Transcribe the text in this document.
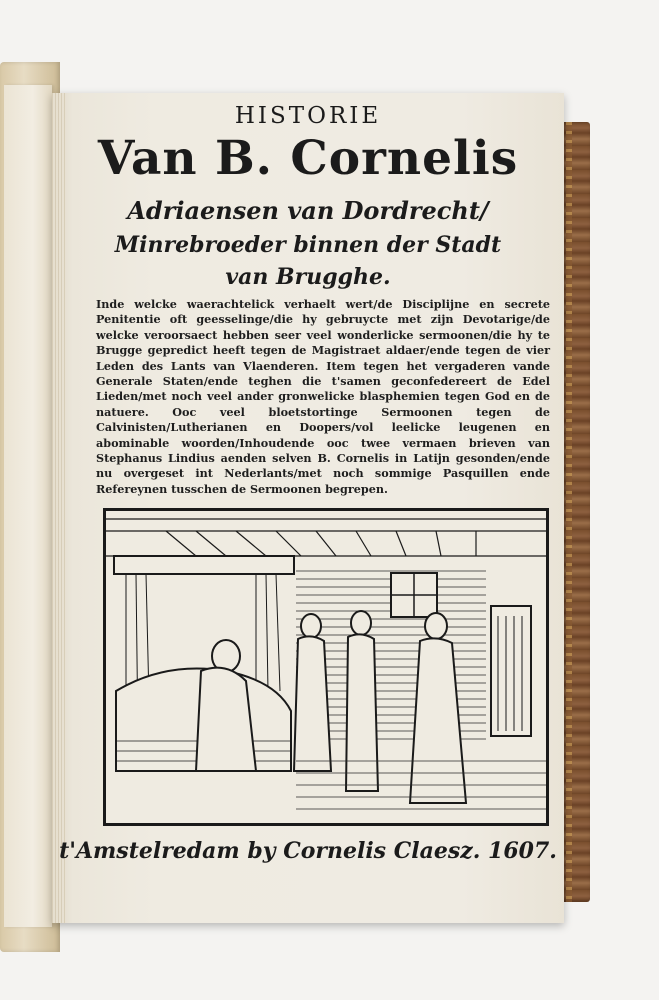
HISTORIE
Van B. Cornelis
Adriaensen van Dordrecht/
Minrebroeder binnen der Stadt
van Brugghe.
Inde welcke waerachtelick verhaelt wert/de Disciplijne en secrete Penitentie oft geesselinge/die hy gebruycte met zijn Devotarige/de welcke veroorsaect hebben seer veel wonderlicke sermoonen/die hy te Brugge gepredict heeft tegen de Magistraet aldaer/ende tegen de vier Leden des Lants van Vlaenderen. Item tegen het vergaderen vande Generale Staten/ende teghen die t'samen geconfedereert de Edel Lieden/met noch veel ander gronwelicke blasphemien tegen God en de natuere. Ooc veel bloetstortinge Sermoonen tegen de Calvinisten/Lutherianen en Doopers/vol leelicke leugenen en abominable woorden/Inhoudende ooc twee vermaen brieven van Stephanus Lindius aenden selven B. Cornelis in Latijn gesonden/ende nu overgeset int Nederlants/met noch sommige Pasquillen ende Refereynen tusschen de Sermoonen begrepen.
t'Amstelredam by Cornelis Claesz. 1607.
